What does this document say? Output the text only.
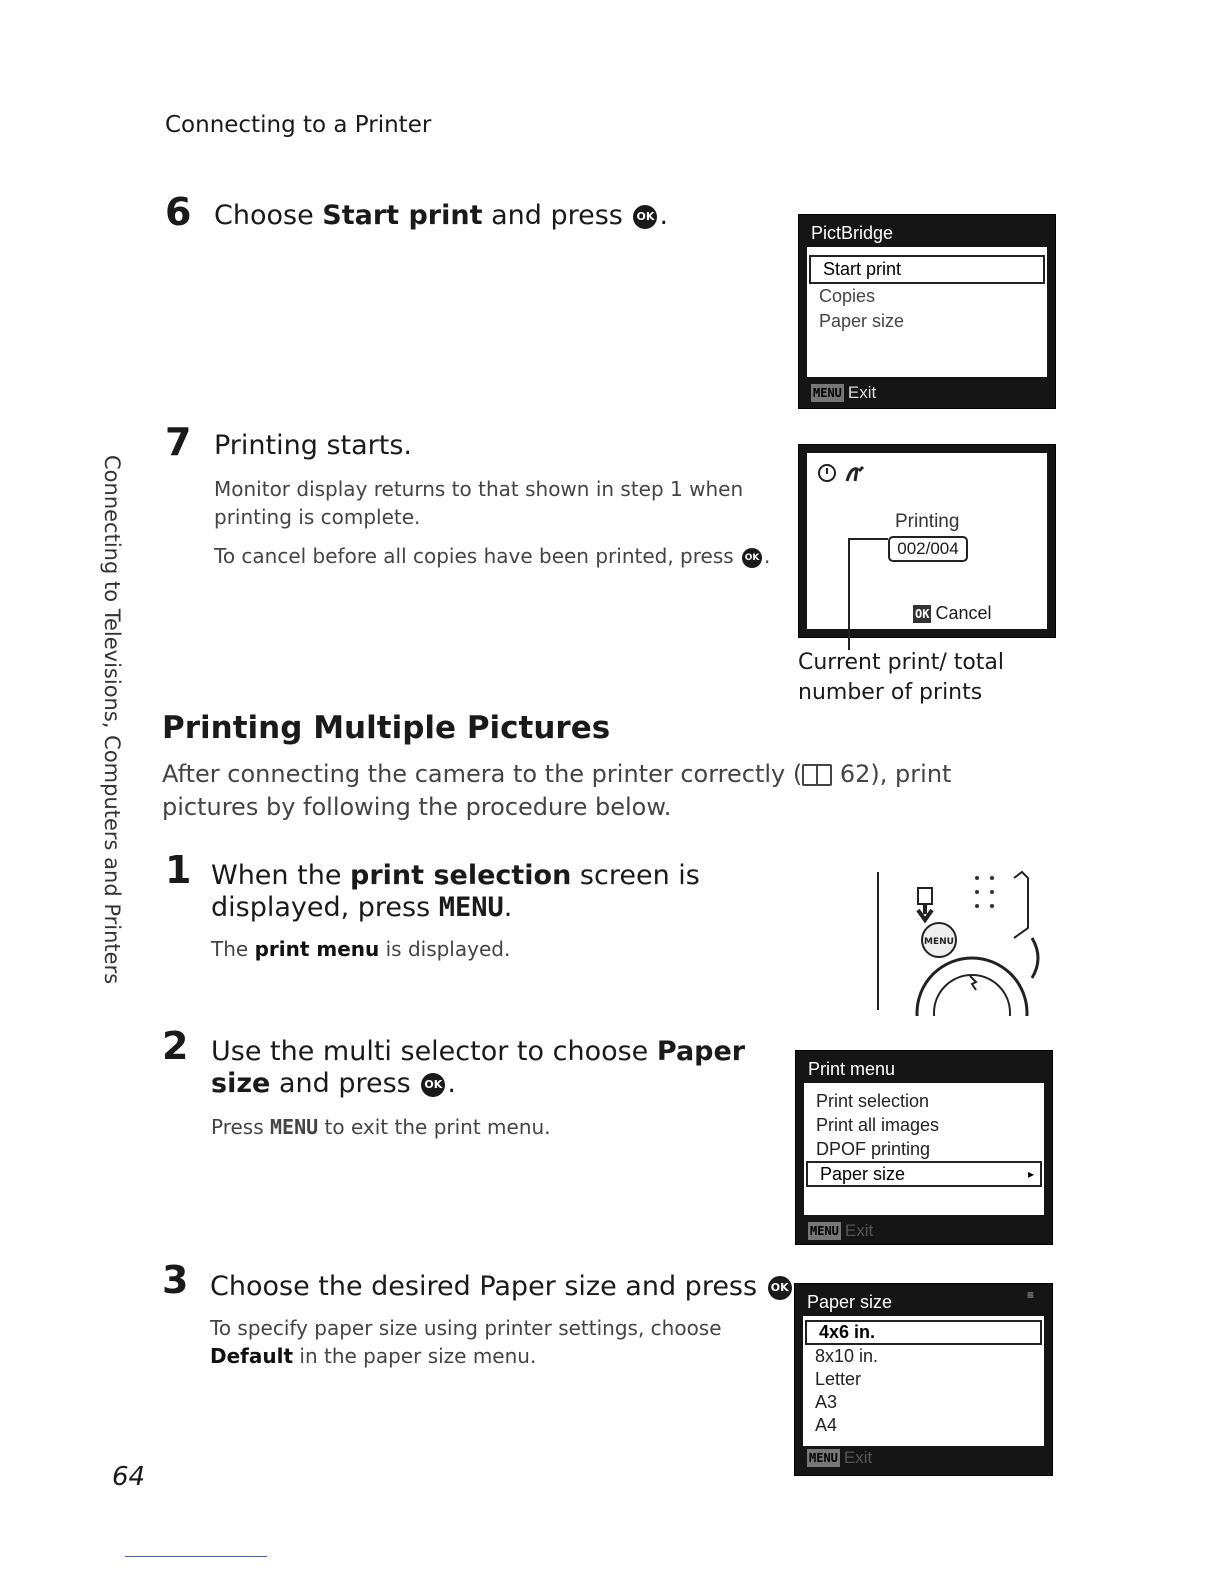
Connecting to a Printer
Connecting to Televisions, Computers and Printers
6 Choose Start print and press OK .
PictBridge
Start print
Copies
Paper size
MENU Exit
7 Printing starts.
Monitor display returns to that shown in step 1 when printing is complete.
To cancel before all copies have been printed, press OK .
Printing
002/004
OK Cancel
Current print/ total
number of prints
Printing Multiple Pictures
After connecting the camera to the printer correctly ( 62), print pictures by following the procedure below.
1 When the print selection screen is displayed, press MENU.
The print menu is displayed.	MENU
2 Use the multi selector to choose Paper size and press OK .
Press MENU to exit the print menu.
Print menu
Print selection
Print all images
DPOF printing
Paper size	▸
MENU Exit
3 Choose the desired Paper size and press OK
To specify paper size using printer settings, choose Default in the paper size menu.
Paper size	≡
4x6 in.
8x10 in.
Letter
A3
A4
MENU Exit
64
